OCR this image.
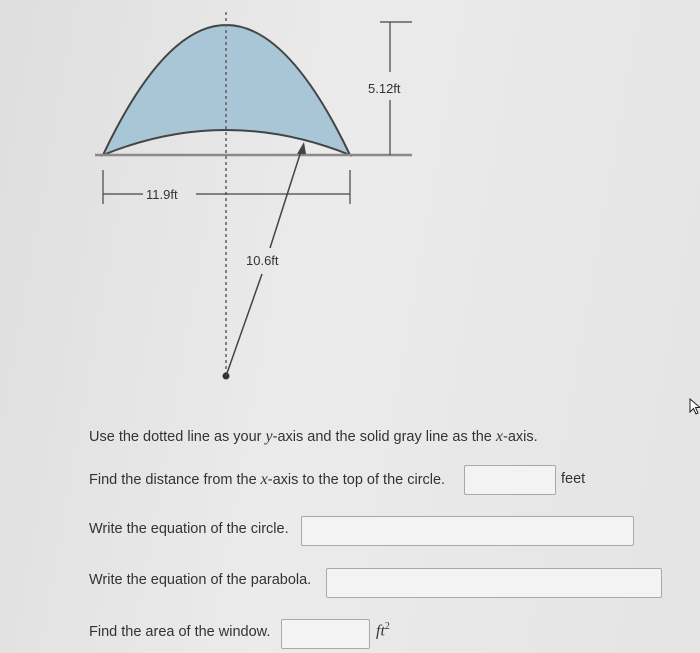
11.9ft
10.6ft
5.12ft
Use the dotted line as your y-axis and the solid gray line as the x-axis.
Find the distance from the x-axis to the top of the circle.	feet
Write the equation of the circle.
Write the equation of the parabola.
Find the area of the window.	$ft^2$
